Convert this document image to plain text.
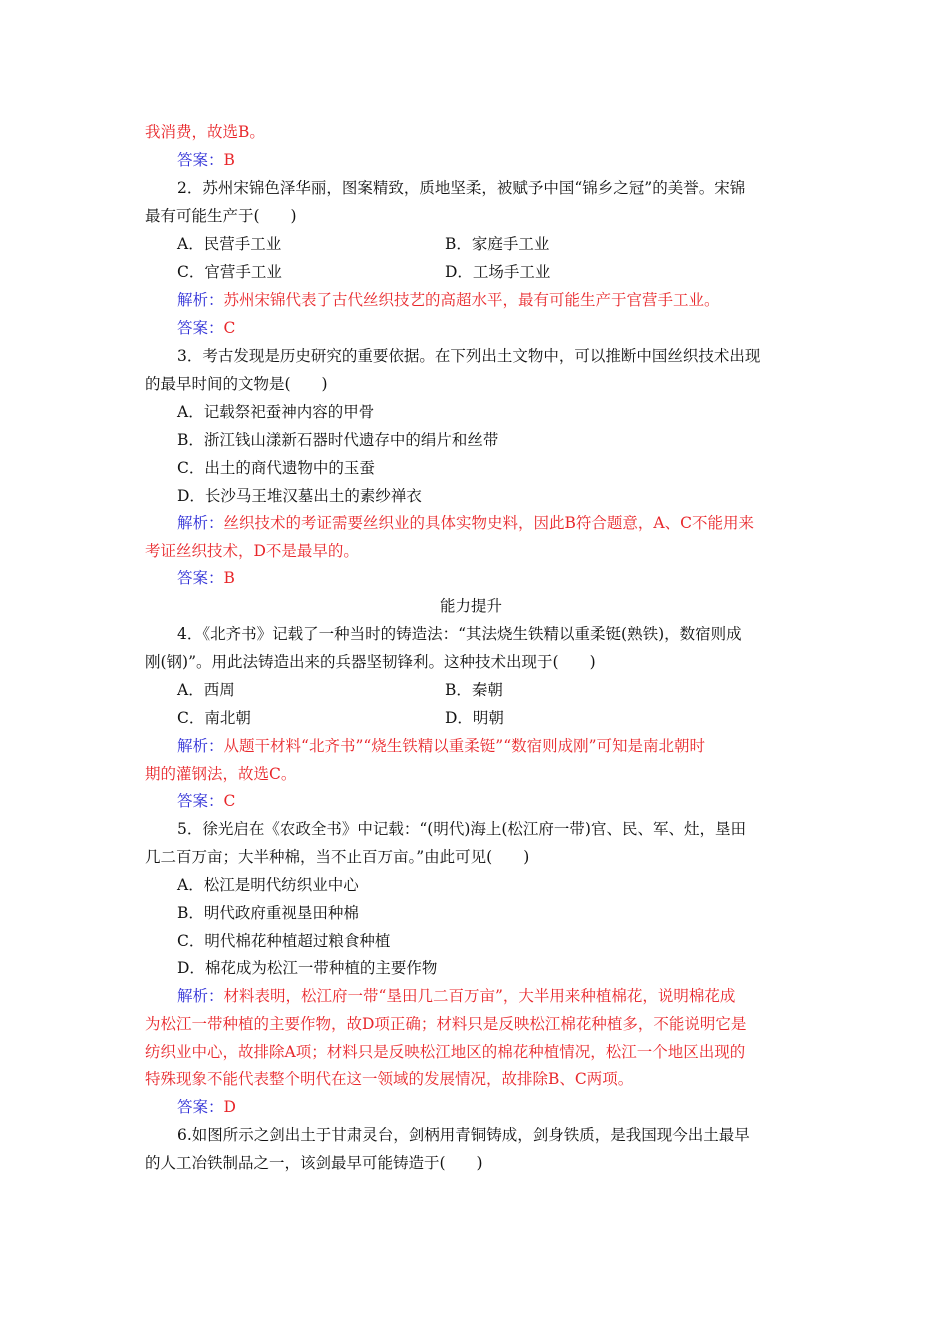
我消费，故选B。
答案：B
2．苏州宋锦色泽华丽，图案精致，质地坚柔，被赋予中国“锦乡之冠”的美誉。宋锦
最有可能生产于(　　)
A．民营手工业	B．家庭手工业
C．官营手工业	D．工场手工业
解析：苏州宋锦代表了古代丝织技艺的高超水平，最有可能生产于官营手工业。
答案：C
3．考古发现是历史研究的重要依据。在下列出土文物中，可以推断中国丝织技术出现
的最早时间的文物是(　　)
A．记载祭祀蚕神内容的甲骨
B．浙江钱山漾新石器时代遗存中的绢片和丝带
C．出土的商代遗物中的玉蚕
D．长沙马王堆汉墓出土的素纱禅衣
解析：丝织技术的考证需要丝织业的具体实物史料，因此B符合题意，A、C不能用来
考证丝织技术，D不是最早的。
答案：B
能力提升
4．《北齐书》记载了一种当时的铸造法：“其法烧生铁精以重柔铤(熟铁)，数宿则成
刚(钢)”。用此法铸造出来的兵器坚韧锋利。这种技术出现于(　　)
A．西周	B．秦朝
C．南北朝	D．明朝
解析：从题干材料“北齐书”“烧生铁精以重柔铤”“数宿则成刚”可知是南北朝时
期的灌钢法，故选C。
答案：C
5．徐光启在《农政全书》中记载：“(明代)海上(松江府一带)官、民、军、灶，垦田
几二百万亩；大半种棉，当不止百万亩。”由此可见(　　)
A．松江是明代纺织业中心
B．明代政府重视垦田种棉
C．明代棉花种植超过粮食种植
D．棉花成为松江一带种植的主要作物
解析：材料表明，松江府一带“垦田几二百万亩”，大半用来种植棉花，说明棉花成
为松江一带种植的主要作物，故D项正确；材料只是反映松江棉花种植多，不能说明它是
纺织业中心，故排除A项；材料只是反映松江地区的棉花种植情况，松江一个地区出现的
特殊现象不能代表整个明代在这一领域的发展情况，故排除B、C两项。
答案：D
6.如图所示之剑出土于甘肃灵台，剑柄用青铜铸成，剑身铁质，是我国现今出土最早
的人工冶铁制品之一，该剑最早可能铸造于(　　)
